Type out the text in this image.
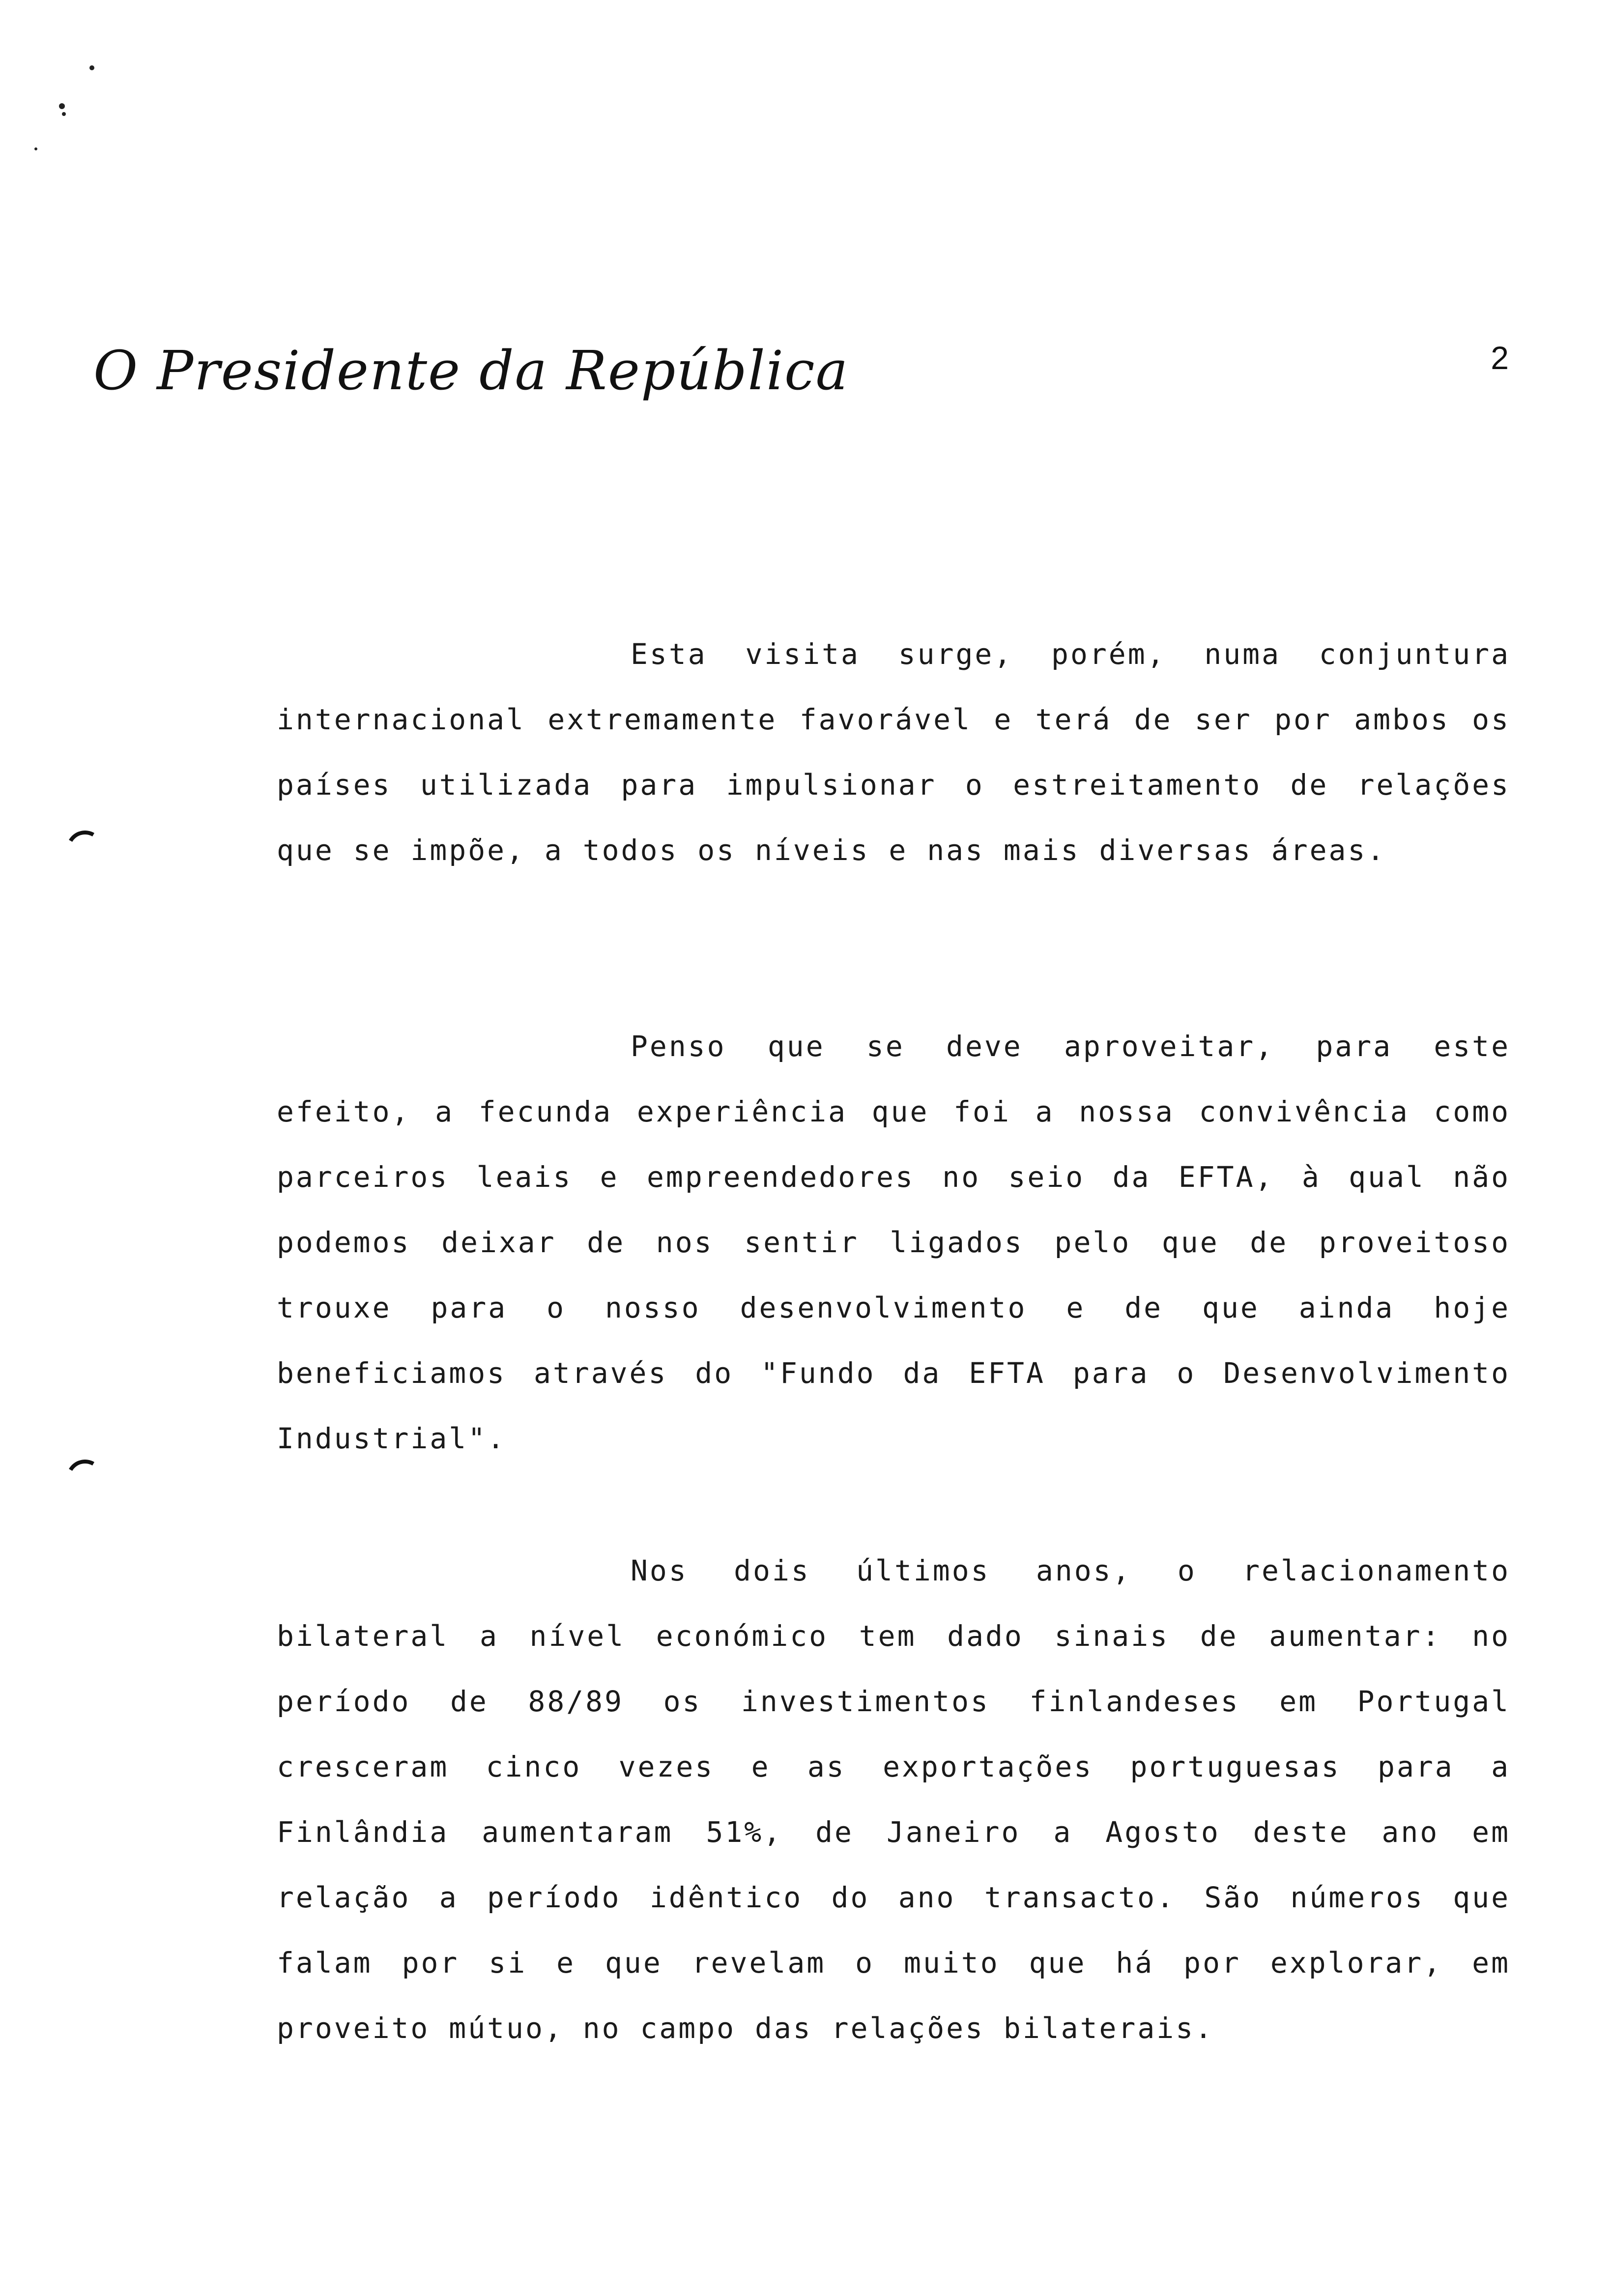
O Presidente da República	2
Esta visita surge, porém, numa conjuntura internacional extremamente favorável e terá de ser por ambos os países utilizada para impulsionar o estreitamento de relações que se impõe, a todos os níveis e nas mais diversas áreas.
Penso que se deve aproveitar, para este efeito, a fecunda experiência que foi a nossa convivência como parceiros leais e empreendedores no seio da EFTA, à qual não podemos deixar de nos sentir ligados pelo que de proveitoso trouxe para o nosso desenvolvimento e de que ainda hoje beneficiamos através do "Fundo da EFTA para o Desenvolvimento Industrial".
Nos dois últimos anos, o relacionamento bilateral a nível económico tem dado sinais de aumentar: no período de 88/89 os investimentos finlandeses em Portugal cresceram cinco vezes e as exportações portuguesas para a Finlândia aumentaram 51%, de Janeiro a Agosto deste ano em relação a período idêntico do ano transacto. São números que falam por si e que revelam o muito que há por explorar, em proveito mútuo, no campo das relações bilaterais.
